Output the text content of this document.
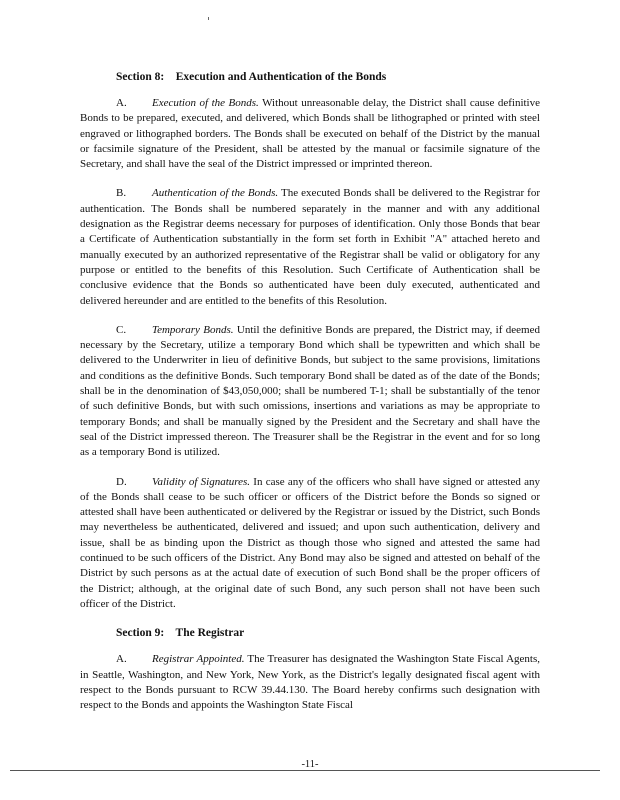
Section 8:    Execution and Authentication of the Bonds

A. Execution of the Bonds. Without unreasonable delay, the District shall cause definitive Bonds to be prepared, executed, and delivered, which Bonds shall be lithographed or printed with steel engraved or lithographed borders. The Bonds shall be executed on behalf of the District by the manual or facsimile signature of the President, shall be attested by the manual or facsimile signature of the Secretary, and shall have the seal of the District impressed or imprinted thereon.

B. Authentication of the Bonds. The executed Bonds shall be delivered to the Registrar for authentication. The Bonds shall be numbered separately in the manner and with any additional designation as the Registrar deems necessary for purposes of identification. Only those Bonds that bear a Certificate of Authentication substantially in the form set forth in Exhibit "A" attached hereto and manually executed by an authorized representative of the Registrar shall be valid or obligatory for any purpose or entitled to the benefits of this Resolution. Such Certificate of Authentication shall be conclusive evidence that the Bonds so authenticated have been duly executed, authenticated and delivered hereunder and are entitled to the benefits of this Resolution.

C. Temporary Bonds. Until the definitive Bonds are prepared, the District may, if deemed necessary by the Secretary, utilize a temporary Bond which shall be typewritten and which shall be delivered to the Underwriter in lieu of definitive Bonds, but subject to the same provisions, limitations and conditions as the definitive Bonds. Such temporary Bond shall be dated as of the date of the Bonds; shall be in the denomination of $43,050,000; shall be numbered T-1; shall be substantially of the tenor of such definitive Bonds, but with such omissions, insertions and variations as may be appropriate to temporary Bonds; and shall be manually signed by the President and the Secretary and shall have the seal of the District impressed thereon. The Treasurer shall be the Registrar in the event and for so long as a temporary Bond is utilized.

D. Validity of Signatures. In case any of the officers who shall have signed or attested any of the Bonds shall cease to be such officer or officers of the District before the Bonds so signed or attested shall have been authenticated or delivered by the Registrar or issued by the District, such Bonds may nevertheless be authenticated, delivered and issued; and upon such authentication, delivery and issue, shall be as binding upon the District as though those who signed and attested the same had continued to be such officers of the District. Any Bond may also be signed and attested on behalf of the District by such persons as at the actual date of execution of such Bond shall be the proper officers of the District; although, at the original date of such Bond, any such person shall not have been such officer of the District.

Section 9:    The Registrar

A. Registrar Appointed. The Treasurer has designated the Washington State Fiscal Agents, in Seattle, Washington, and New York, New York, as the District's legally designated fiscal agent with respect to the Bonds pursuant to RCW 39.44.130. The Board hereby confirms such designation with respect to the Bonds and appoints the Washington State Fiscal

-11-
